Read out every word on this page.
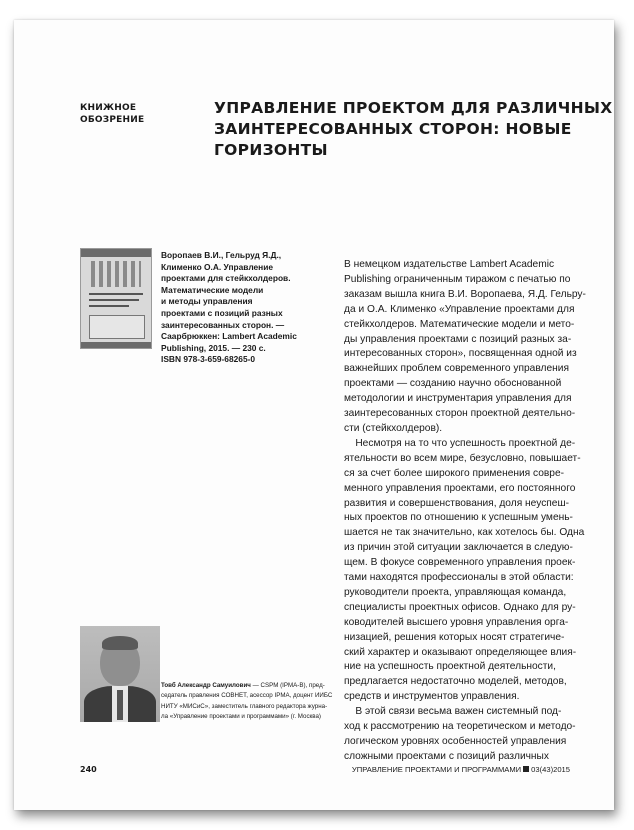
КНИЖНОЕ
ОБОЗРЕНИЕ
УПРАВЛЕНИЕ ПРОЕКТОМ ДЛЯ РАЗЛИЧНЫХ
ЗАИНТЕРЕСОВАННЫХ СТОРОН: НОВЫЕ
ГОРИЗОНТЫ
Воропаев В.И., Гельруд Я.Д.,
Клименко О.А. Управление
проектами для стейкхолдеров.
Математические модели
и методы управления
проектами с позиций разных
заинтересованных сторон. —
Саарбрюккен: Lambert Academic
Publishing, 2015. — 230 с.
ISBN 978-3-659-68265-0
В немецком издательстве Lambert Academic
Publishing ограниченным тиражом с печатью по
заказам вышла книга В.И. Воропаева, Я.Д. Гельру-
да и О.А. Клименко «Управление проектами для
стейкхолдеров. Математические модели и мето-
ды управления проектами с позиций разных за-
интересованных сторон», посвященная одной из
важнейших проблем современного управления
проектами — созданию научно обоснованной
методологии и инструментария управления для
заинтересованных сторон проектной деятельно-
сти (стейкхолдеров).
Несмотря на то что успешность проектной де-
ятельности во всем мире, безусловно, повышает-
ся за счет более широкого применения совре-
менного управления проектами, его постоянного
развития и совершенствования, доля неуспеш-
ных проектов по отношению к успешным умень-
шается не так значительно, как хотелось бы. Одна
из причин этой ситуации заключается в следую-
щем. В фокусе современного управления проек-
тами находятся профессионалы в этой области:
руководители проекта, управляющая команда,
специалисты проектных офисов. Однако для ру-
ководителей высшего уровня управления орга-
низацией, решения которых носят стратегиче-
ский характер и оказывают определяющее влия-
ние на успешность проектной деятельности,
предлагается недостаточно моделей, методов,
средств и инструментов управления.
В этой связи весьма важен системный под-
ход к рассмотрению на теоретическом и методо-
логическом уровнях особенностей управления
сложными проектами с позиций различных
Товб Александр Самуилович — CSPM (IPMA-B), пред-
седатель правления СОВНЕТ, асессор IPMA, доцент ИИБС
НИТУ «МИСиС», заместитель главного редактора журна-
ла «Управление проектами и программами» (г. Москва)
240	УПРАВЛЕНИЕ ПРОЕКТАМИ И ПРОГРАММАМИ 03(43)2015
